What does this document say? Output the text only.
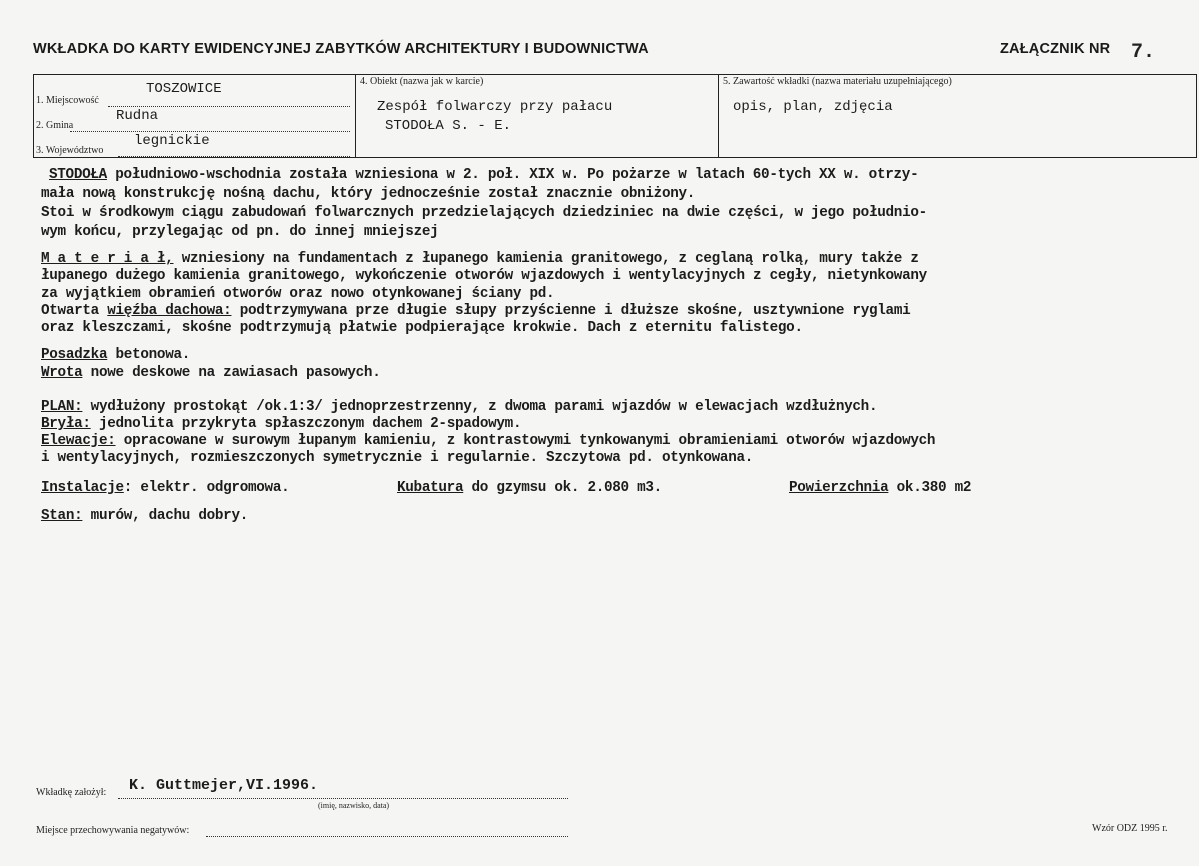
WKŁADKA DO KARTY EWIDENCYJNEJ ZABYTKÓW ARCHITEKTURY I BUDOWNICTWA	ZAŁĄCZNIK NR 7.
1. Miejscowość
TOSZOWICE
2. Gmina
Rudna
3. Województwo
legnickie
4. Obiekt (nazwa jak w karcie)
Zespół folwarczy przy pałacu
STODOŁA S. - E.
5. Zawartość wkładki (nazwa materiału uzupełniającego)
opis, plan, zdjęcia
STODOŁA południowo-wschodnia została wzniesiona w 2. poł. XIX w. Po pożarze w latach 60-tych XX w. otrzy-
mała nową konstrukcję nośną dachu, który jednocześnie został znacznie obniżony.
Stoi w środkowym ciągu zabudowań folwarcznych przedzielających dziedziniec na dwie części, w jego południo-
wym końcu, przylegając od pn. do innej mniejszej
M a t e r i a ł, wzniesiony na fundamentach z łupanego kamienia granitowego, z ceglaną rolką, mury także z
łupanego dużego kamienia granitowego, wykończenie otworów wjazdowych i wentylacyjnych z cegły, nietynkowany
za wyjątkiem obramień otworów oraz nowo otynkowanej ściany pd.
Otwarta więźba dachowa: podtrzymywana prze długie słupy przyścienne i dłuższe skośne, usztywnione ryglami
oraz kleszczami, skośne podtrzymują płatwie podpierające krokwie. Dach z eternitu falistego.
Posadzka betonowa.
Wrota nowe deskowe na zawiasach pasowych.
PLAN: wydłużony prostokąt /ok.1:3/ jednoprzestrzenny, z dwoma parami wjazdów w elewacjach wzdłużnych.
Bryła: jednolita przykryta spłaszczonym dachem 2-spadowym.
Elewacje: opracowane w surowym łupanym kamieniu, z kontrastowymi tynkowanymi obramieniami otworów wjazdowych
i wentylacyjnych, rozmieszczonych symetrycznie i regularnie. Szczytowa pd. otynkowana.
Instalacje: elektr. odgromowa.	Kubatura do gzymsu ok. 2.080 m3.	Powierzchnia ok.380 m2
Stan: murów, dachu dobry.
Wkładkę założył: K. Guttmejer,VI.1996.
(imię, nazwisko, data)
Miejsce przechowywania negatywów:	Wzór ODZ 1995 r.
